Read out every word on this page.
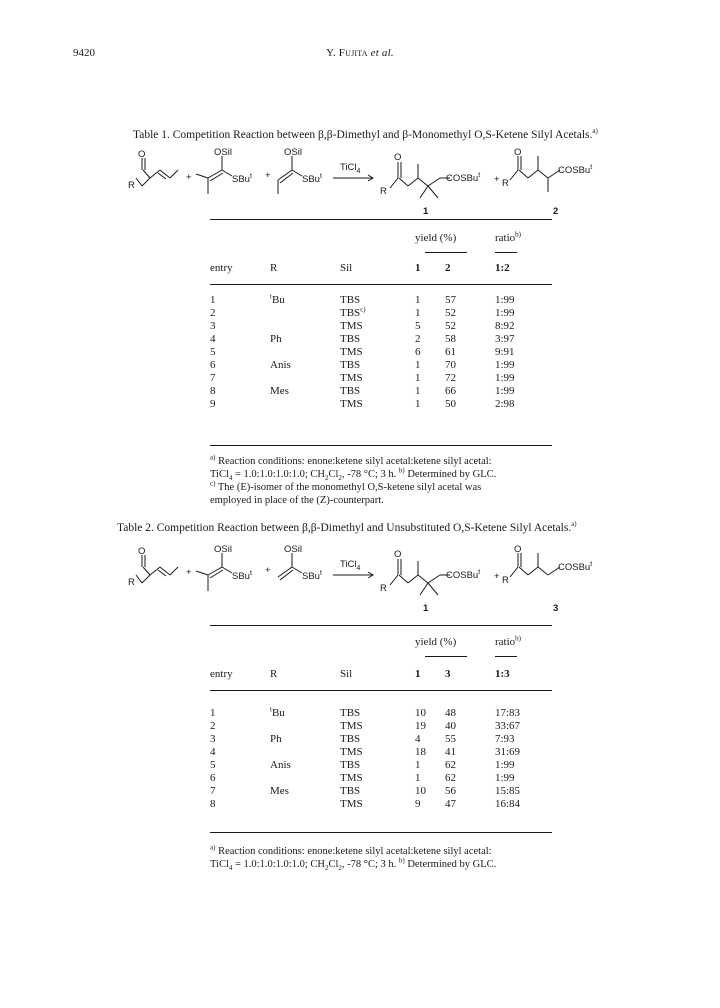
9420	Y. Fujita et al.
Table 1. Competition Reaction between β,β-Dimethyl and β-Monomethyl O,S-Ketene Silyl Acetals.$^{a)}$
O
R
+
OSil
SBu$^t$ +
OSil
SBu$^t$
TiCl$_4$
O
R
COSBu$^t$ + R
O
COSBu$^t$
1	2
			yield (%)	ratio$^{b)}$
entry	R	Sil	1	2	1:2
1	$^t$Bu	TBS	1	57	1:99
2		TBS$^{c)}$	1	52	1:99
3		TMS	5	52	8:92
4	Ph	TBS	2	58	3:97
5		TMS	6	61	9:91
6	Anis	TBS	1	70	1:99
7		TMS	1	72	1:99
8	Mes	TBS	1	66	1:99
9		TMS	1	50	2:98
$^{a)}$ Reaction conditions: enone:ketene silyl acetal:ketene silyl acetal:
TiCl$_4$ = 1.0:1.0:1.0:1.0; $CH_2Cl_2$, -78 °C; 3 h. $^{b)}$ Determined by GLC.
$^{c)}$ The (E)-isomer of the monomethyl O,S-ketene silyl acetal was
employed in place of the (Z)-counterpart.
Table 2. Competition Reaction between β,β-Dimethyl and Unsubstituted O,S-Ketene Silyl Acetals.$^{a)}$
O
R
+
OSil
SBu$^t$ +
OSil
SBu$^t$
TiCl$_4$
O
R
COSBu$^t$ + R
O
COSBu$^t$
1	3
			yield (%)	ratio$^{b)}$
entry	R	Sil	1	3	1:3
1	$^t$Bu	TBS	10	48	17:83
2		TMS	19	40	33:67
3	Ph	TBS	4	55	7:93
4		TMS	18	41	31:69
5	Anis	TBS	1	62	1:99
6		TMS	1	62	1:99
7	Mes	TBS	10	56	15:85
8		TMS	9	47	16:84
$^{a)}$ Reaction conditions: enone:ketene silyl acetal:ketene silyl acetal:
TiCl$_4$ = 1.0:1.0:1.0:1.0; $CH_2Cl_2$, -78 °C; 3 h. $^{b)}$ Determined by GLC.
